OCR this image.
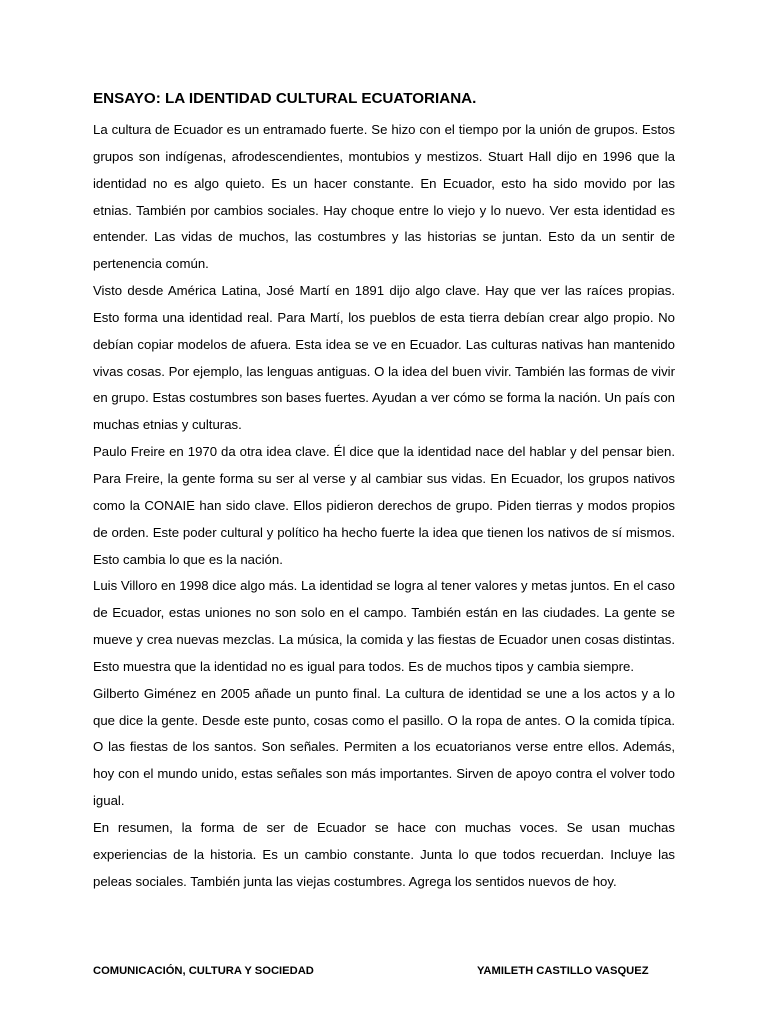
ENSAYO: LA IDENTIDAD CULTURAL ECUATORIANA.

La cultura de Ecuador es un entramado fuerte. Se hizo con el tiempo por la unión de grupos. Estos grupos son indígenas, afrodescendientes, montubios y mestizos. Stuart Hall dijo en 1996 que la identidad no es algo quieto. Es un hacer constante. En Ecuador, esto ha sido movido por las etnias. También por cambios sociales. Hay choque entre lo viejo y lo nuevo. Ver esta identidad es entender. Las vidas de muchos, las costumbres y las historias se juntan. Esto da un sentir de pertenencia común.

Visto desde América Latina, José Martí en 1891 dijo algo clave. Hay que ver las raíces propias. Esto forma una identidad real. Para Martí, los pueblos de esta tierra debían crear algo propio. No debían copiar modelos de afuera. Esta idea se ve en Ecuador. Las culturas nativas han mantenido vivas cosas. Por ejemplo, las lenguas antiguas. O la idea del buen vivir. También las formas de vivir en grupo. Estas costumbres son bases fuertes. Ayudan a ver cómo se forma la nación. Un país con muchas etnias y culturas.

Paulo Freire en 1970 da otra idea clave. Él dice que la identidad nace del hablar y del pensar bien. Para Freire, la gente forma su ser al verse y al cambiar sus vidas. En Ecuador, los grupos nativos como la CONAIE han sido clave. Ellos pidieron derechos de grupo. Piden tierras y modos propios de orden. Este poder cultural y político ha hecho fuerte la idea que tienen los nativos de sí mismos. Esto cambia lo que es la nación.

Luis Villoro en 1998 dice algo más. La identidad se logra al tener valores y metas juntos. En el caso de Ecuador, estas uniones no son solo en el campo. También están en las ciudades. La gente se mueve y crea nuevas mezclas. La música, la comida y las fiestas de Ecuador unen cosas distintas. Esto muestra que la identidad no es igual para todos. Es de muchos tipos y cambia siempre.

Gilberto Giménez en 2005 añade un punto final. La cultura de identidad se une a los actos y a lo que dice la gente. Desde este punto, cosas como el pasillo. O la ropa de antes. O la comida típica. O las fiestas de los santos. Son señales. Permiten a los ecuatorianos verse entre ellos. Además, hoy con el mundo unido, estas señales son más importantes. Sirven de apoyo contra el volver todo igual.

En resumen, la forma de ser de Ecuador se hace con muchas voces. Se usan muchas experiencias de la historia. Es un cambio constante. Junta lo que todos recuerdan. Incluye las peleas sociales. También junta las viejas costumbres. Agrega los sentidos nuevos de hoy.

COMUNICACIÓN, CULTURA Y SOCIEDAD	YAMILETH CASTILLO VASQUEZ
